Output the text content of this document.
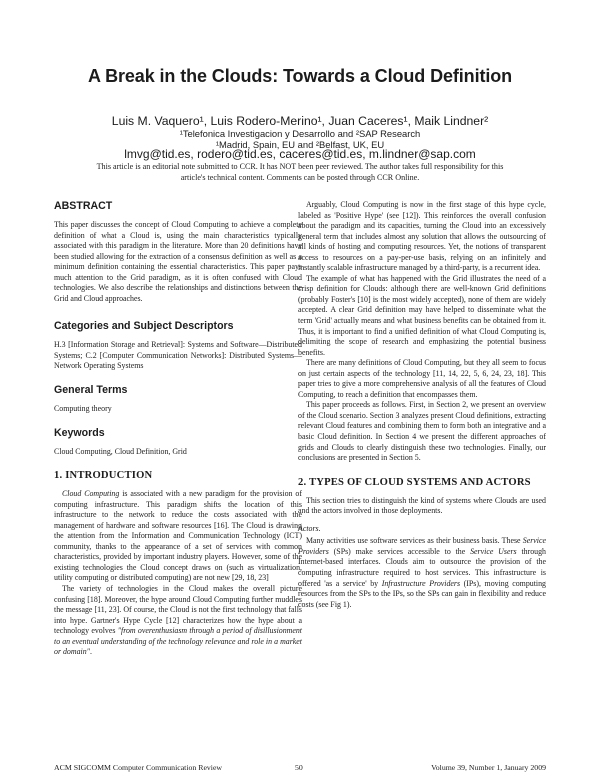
A Break in the Clouds: Towards a Cloud Definition
Luis M. Vaquero¹, Luis Rodero-Merino¹, Juan Caceres¹, Maik Lindner²
¹Telefonica Investigacion y Desarrollo and ²SAP Research
¹Madrid, Spain, EU and ²Belfast, UK, EU
lmvg@tid.es, rodero@tid.es, caceres@tid.es, m.lindner@sap.com
This article is an editorial note submitted to CCR. It has NOT been peer reviewed. The author takes full responsibility for this article's technical content. Comments can be posted through CCR Online.
ABSTRACT

This paper discusses the concept of Cloud Computing to achieve a complete definition of what a Cloud is, using the main characteristics typically associated with this paradigm in the literature. More than 20 definitions have been studied allowing for the extraction of a consensus definition as well as a minimum definition containing the essential characteristics. This paper pays much attention to the Grid paradigm, as it is often confused with Cloud technologies. We also describe the relationships and distinctions between the Grid and Cloud approaches.

Categories and Subject Descriptors

H.3 [Information Storage and Retrieval]: Systems and Software—Distributed Systems; C.2 [Computer Communication Networks]: Distributed Systems—Network Operating Systems

General Terms

Computing theory

Keywords

Cloud Computing, Cloud Definition, Grid

1. INTRODUCTION

Cloud Computing is associated with a new paradigm for the provision of computing infrastructure. This paradigm shifts the location of this infrastructure to the network to reduce the costs associated with the management of hardware and software resources [16]. The Cloud is drawing the attention from the Information and Communication Technology (ICT) community, thanks to the appearance of a set of services with common characteristics, provided by important industry players. However, some of the existing technologies the Cloud concept draws on (such as virtualization, utility computing or distributed computing) are not new [29, 18, 23]

The variety of technologies in the Cloud makes the overall picture confusing [18]. Moreover, the hype around Cloud Computing further muddles the message [11, 23]. Of course, the Cloud is not the first technology that falls into hype. Gartner's Hype Cycle [12] characterizes how the hype about a technology evolves "from overenthusiasm through a period of disillusionment to an eventual understanding of the technology relevance and role in a market or domain".

Arguably, Cloud Computing is now in the first stage of this hype cycle, labeled as 'Positive Hype' (see [12]). This reinforces the overall confusion about the paradigm and its capacities, turning the Cloud into an excessively general term that includes almost any solution that allows the outsourcing of all kinds of hosting and computing resources. Yet, the notions of transparent access to resources on a pay-per-use basis, relying on an infinitely and instantly scalable infrastructure managed by a third-party, is a recurrent idea.

The example of what has happened with the Grid illustrates the need of a crisp definition for Clouds: although there are well-known Grid definitions (probably Foster's [10] is the most widely accepted), none of them are widely accepted. A clear Grid definition may have helped to disseminate what the term 'Grid' actually means and what business benefits can be obtained from it. Thus, it is important to find a unified definition of what Cloud Computing is, delimiting the scope of research and emphasizing the potential business benefits.

There are many definitions of Cloud Computing, but they all seem to focus on just certain aspects of the technology [11, 14, 22, 5, 6, 24, 23, 18]. This paper tries to give a more comprehensive analysis of all the features of Cloud Computing, to reach a definition that encompasses them.

This paper proceeds as follows. First, in Section 2, we present an overview of the Cloud scenario. Section 3 analyzes present Cloud definitions, extracting relevant Cloud features and combining them to form both an integrative and a basic Cloud definition. In Section 4 we present the different approaches of grids and Clouds to clearly distinguish these two technologies. Finally, our conclusions are presented in Section 5.

2. TYPES OF CLOUD SYSTEMS AND ACTORS

This section tries to distinguish the kind of systems where Clouds are used and the actors involved in those deployments.

Actors.

Many activities use software services as their business basis. These Service Providers (SPs) make services accessible to the Service Users through Internet-based interfaces. Clouds aim to outsource the provision of the computing infrastructure required to host services. This infrastructure is offered 'as a service' by Infrastructure Providers (IPs), moving computing resources from the SPs to the IPs, so the SPs can gain in flexibility and reduce costs (see Fig 1).

ACM SIGCOMM Computer Communication Review	50	Volume 39, Number 1, January 2009
